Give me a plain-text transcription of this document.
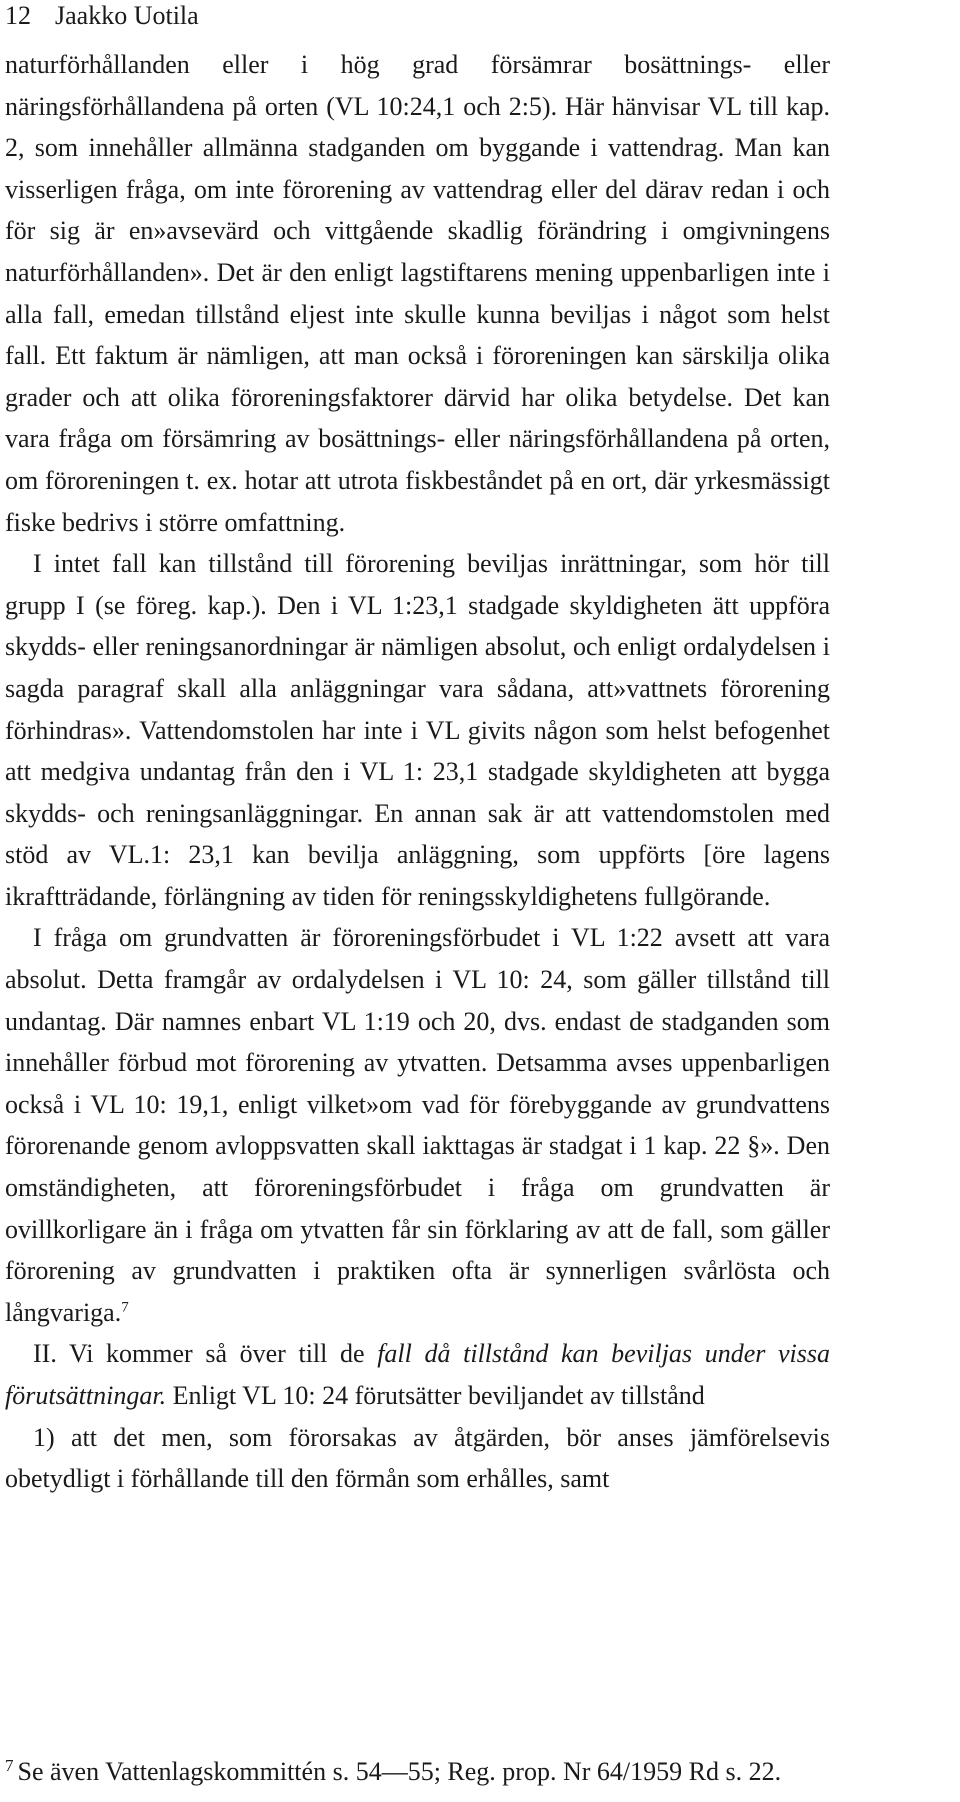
12 Jaakko Uotila

naturförhållanden eller i hög grad försämrar bosättnings- eller näringsförhållandena på orten (VL 10:24,1 och 2:5). Här hänvisar VL till kap. 2, som innehåller allmänna stadganden om byggande i vattendrag. Man kan visserligen fråga, om inte förorening av vattendrag eller del därav redan i och för sig är en»avsevärd och vittgående skadlig förändring i omgivningens naturförhållanden». Det är den enligt lagstiftarens mening uppenbarligen inte i alla fall, emedan tillstånd eljest inte skulle kunna beviljas i något som helst fall. Ett faktum är nämligen, att man också i föroreningen kan särskilja olika grader och att olika föroreningsfaktorer därvid har olika betydelse. Det kan vara fråga om försämring av bosättnings- eller näringsförhållandena på orten, om föroreningen t. ex. hotar att utrota fiskbeståndet på en ort, där yrkesmässigt fiske bedrivs i större omfattning.

I intet fall kan tillstånd till förorening beviljas inrättningar, som hör till grupp I (se föreg. kap.). Den i VL 1:23,1 stadgade skyldigheten ätt uppföra skydds- eller reningsanordningar är nämligen absolut, och enligt ordalydelsen i sagda paragraf skall alla anläggningar vara sådana, att»vattnets förorening förhindras». Vattendomstolen har inte i VL givits någon som helst befogenhet att medgiva undantag från den i VL 1: 23,1 stadgade skyldigheten att bygga skydds- och reningsanläggningar. En annan sak är att vattendomstolen med stöd av VL.1: 23,1 kan bevilja anläggning, som uppförts [öre lagens ikraftträdande, förlängning av tiden för reningsskyldighetens fullgörande.

I fråga om grundvatten är föroreningsförbudet i VL 1:22 avsett att vara absolut. Detta framgår av ordalydelsen i VL 10: 24, som gäller tillstånd till undantag. Där namnes enbart VL 1:19 och 20, dvs. endast de stadganden som innehåller förbud mot förorening av ytvatten. Detsamma avses uppenbarligen också i VL 10: 19,1, enligt vilket»om vad för förebyggande av grundvattens förorenande genom avloppsvatten skall iakttagas är stadgat i 1 kap. 22 §». Den omständigheten, att föroreningsförbudet i fråga om grundvatten är ovillkorligare än i fråga om ytvatten får sin förklaring av att de fall, som gäller förorening av grundvatten i praktiken ofta är synnerligen svårlösta och långvariga.$^7$

II. Vi kommer så över till de fall då tillstånd kan beviljas under vissa förutsättningar. Enligt VL 10: 24 förutsätter beviljandet av tillstånd

1) att det men, som förorsakas av åtgärden, bör anses jämförelsevis obetydligt i förhållande till den förmån som erhålles, samt

$^7$ Se även Vattenlagskommittén s. 54—55; Reg. prop. Nr 64/1959 Rd s. 22.
